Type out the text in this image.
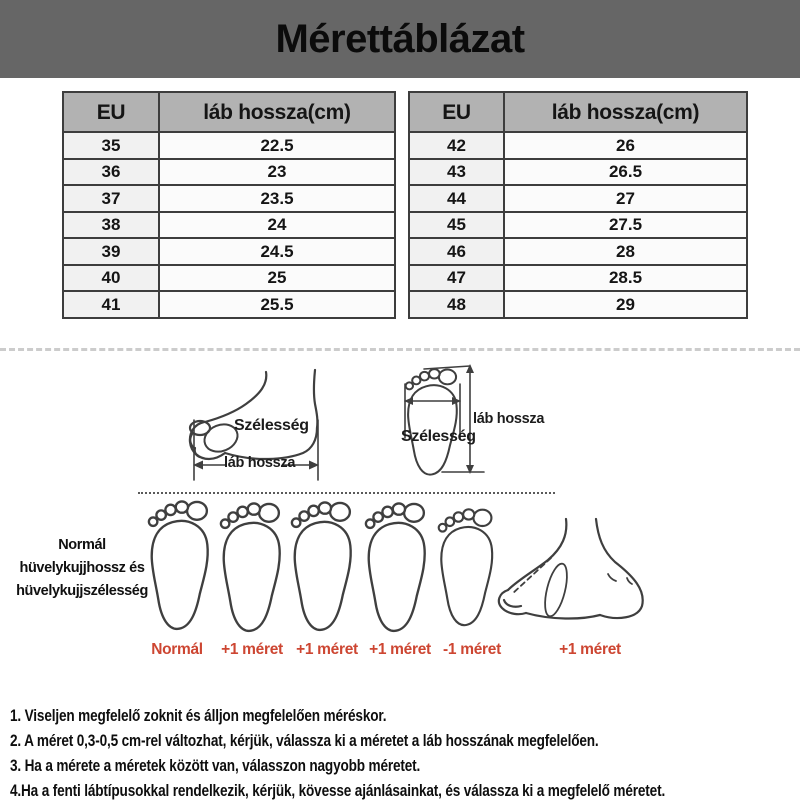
Mérettáblázat
EU	láb hossza(cm)
35	22.5
36	23
37	23.5
38	24
39	24.5
40	25
41	25.5
EU	láb hossza(cm)
42	26
43	26.5
44	27
45	27.5
46	28
47	28.5
48	29
Szélesség
láb hossza
Szélesség
láb hossza
Normál
hüvelykujjhossz és
hüvelykujjszélesség
Normál +1 méret +1 méret +1 méret -1 méret	+1 méret
1. Viseljen megfelelő zoknit és álljon megfelelően méréskor.
2. A méret 0,3-0,5 cm-rel változhat, kérjük, válassza ki a méretet a láb hosszának megfelelően.
3. Ha a mérete a méretek között van, válasszon nagyobb méretet.
4.Ha a fenti lábtípusokkal rendelkezik, kérjük, kövesse ajánlásainkat, és válassza ki a megfelelő méretet.
